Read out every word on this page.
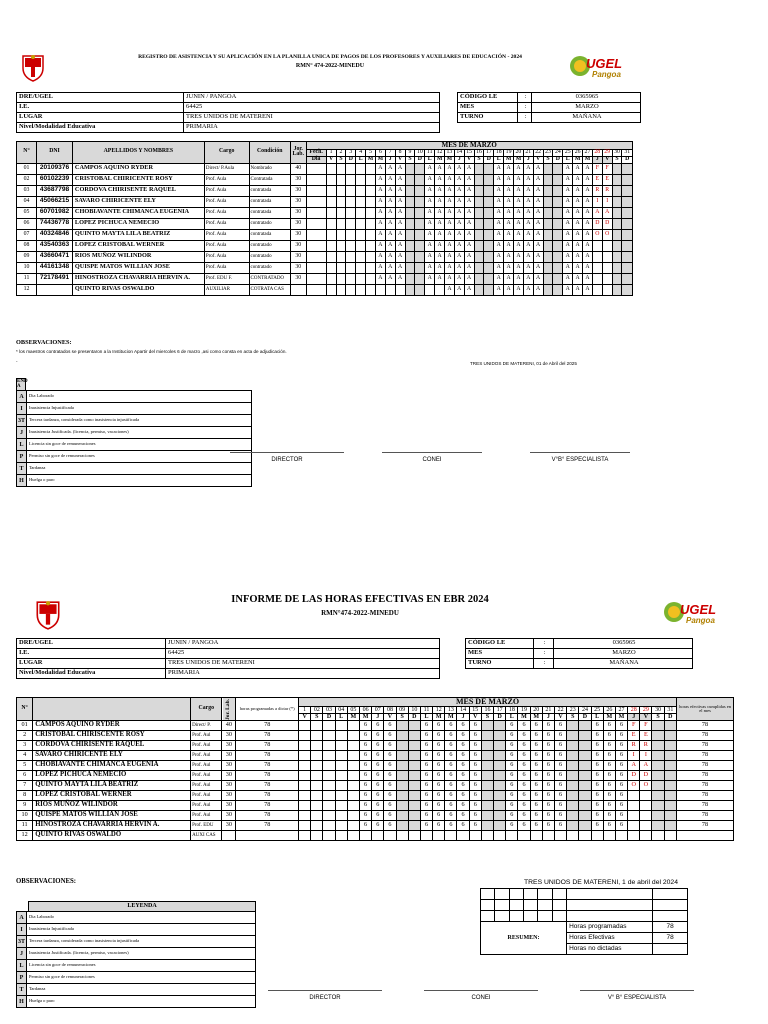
UGEL
Pangoa
REGISTRO DE ASISTENCIA Y SU APLICACIÓN EN LA PLANILLA UNICA DE PAGOS DE LOS PROFESORES Y AUXILIARES DE EDUCACIÓN - 2024
RMN° 474-2022-MINEDU
DRE/UGEL	JUNIN / PANGOA
I.E.	64425
LUGAR	TRES UNIDOS DE MATERENI
Nivel/Modalidad Educativa	PRIMARIA
CÓDIGO LE	:	0365965
MES	:	MARZO
TURNO	:	MAÑANA
N°	DNI	APELLIDOS Y NOMBRES	Cargo	Condición	Jor. Lab.	MES DE MARZO																															
						Fech.	1	2	3	4	5	6	7	8	9	10	11	12	13	14	15	16	17	18	19	20	21	22	23	24	25	26	27	28	29	30	31
						Dia	V	S	D	L	M	M	J	V	S	D	L	M	M	J	V	S	D	L	M	M	J	V	S	D	L	M	M	J	V	S	D
01	20109376	CAMPOS AQUINO RYDER	Direct/ P.Aula	Nombrado	40							A	A	A			A	A	A	A	A			A	A	A	A	A			A	A	A	F	F		
02	60102239	CRISTOBAL CHIRICENTE ROSY	Prof. Aula	Contratada	30							A	A	A			A	A	A	A	A			A	A	A	A	A			A	A	A	E	E		
03	43687798	CORDOVA CHIRISENTE RAQUEL	Prof. Aula	contratada	30							A	A	A			A	A	A	A	A			A	A	A	A	A			A	A	A	R	R		
04	45066215	SAVARO CHIRICENTE ELY	Prof. Aula	contratada	30							A	A	A			A	A	A	A	A			A	A	A	A	A			A	A	A	I	I		
05	60701982	CHOBIAVANTE CHIMANCA EUGENIA	Prof. Aula	contratada	30							A	A	A			A	A	A	A	A			A	A	A	A	A			A	A	A	A	A		
06	74436778	LOPEZ PICHUCA NEMECIO	Prof. Aula	contratado	30							A	A	A			A	A	A	A	A			A	A	A	A	A			A	A	A	D	D		
07	40324846	QUINTO MAYTA LILA BEATRIZ	Prof. Aula	contratada	30							A	A	A			A	A	A	A	A			A	A	A	A	A			A	A	A	O	O		
08	43540363	LOPEZ CRISTOBAL WERNER	Prof. Aula	contratado	30							A	A	A			A	A	A	A	A			A	A	A	A	A			A	A	A				
09	43660471	RIOS MUÑOZ WILINDOR	Prof. Aula	contratado	30							A	A	A			A	A	A	A	A			A	A	A	A	A			A	A	A				
10	44161348	QUISPE MATOS WILLIAN JOSE	Prof. Aula	contratado	30							A	A	A			A	A	A	A	A			A	A	A	A	A			A	A	A				
11	72178491	HINOSTROZA CHAVARRIA HERVIN A.	Prof. EDU F.	CONTRATADO	30							A	A	A			A	A	A	A	A			A	A	A	A	A			A	A	A				
12		QUINTO RIVAS OSWALDO	AUXILIAR	COTRATA CAS															A	A	A			A	A	A	A	A			A	A	A				
OBSERVACIONES:
* los maestros contratados se presentaron a la Institucion Apartir del miercoles 6 de marzo ,asi como consta en acta de adjudicación.
-	TRES UNIDOS DE MATERENI, 01 de Abril del 2025
END A
A	Dia Laborado
I	Inasistencia Injustificada
3T	Tercera tardanza, considerada como inasistencia injustificada
J	Inasistencia Justificada. (licencia, permiso, vacaciones)
L	Licencia sin goce de remuneraciones
P	Permiso sin goce de remuneraciones
T	Tardanza
H	Huelga o paro
DIRECTOR	CONEI	V°B° ESPECIALISTA
UGEL
Pangoa
INFORME DE LAS HORAS EFECTIVAS EN EBR 2024
RMN°474-2022-MINEDU
DRE/UGEL	JUNIN / PANGOA
I.E.	64425
LUGAR	TRES UNIDOS DE MATERENI
Nivel/Modalidad Educativa	PRIMARIA
CÓDIGO LE	:	0365965
MES	:	MARZO
TURNO	:	MAÑANA
N°		Cargo	Jor. Lab.	horas programadas a dictar (*)	MES DE MARZO																															horas efectivas cumplidas en el mes
					1	02	03	04	05	06	07	08	09	10	11	12	13	14	15	16	17	18	19	20	21	22	23	24	25	26	27	28	29	30	31	
					V	S	D	L	M	M	J	V	S	D	L	M	M	J	V	S	D	L	M	M	J	V	S	D	L	M	M	J	V	S	D	
01	CAMPOS AQUINO RYDER	Direct/ P.	40	78						6	6	6			6	6	6	6	6			6	6	6	6	6			6	6	6	F	F			78
2	CRISTOBAL CHIRISCENTE ROSY	Prof. Aul	30	78						6	6	6			6	6	6	6	6			6	6	6	6	6			6	6	6	E	E			78
3	CORDOVA CHIRISENTE RAQUEL	Prof. Aul	30	78						6	6	6			6	6	6	6	6			6	6	6	6	6			6	6	6	R	R			78
4	SAVARO CHIRICENTE ELY	Prof. Aul	30	78						6	6	6			6	6	6	6	6			6	6	6	6	6			6	6	6	I	I			78
5	CHOBIAVANTE CHIMANCA EUGENIA	Prof. Aul	30	78						6	6	6			6	6	6	6	6			6	6	6	6	6			6	6	6	A	A			78
6	LOPEZ PICHUCA NEMECIO	Prof. Aul	30	78						6	6	6			6	6	6	6	6			6	6	6	6	6			6	6	6	D	D			78
7	QUINTO MAYTA LILA BEATRIZ	Prof. Aul	30	78						6	6	6			6	6	6	6	6			6	6	6	6	6			6	6	6	O	O			78
8	LOPEZ CRISTOBAL WERNER	Prof. Aul	30	78						6	6	6			6	6	6	6	6			6	6	6	6	6			6	6	6					78
9	RIOS MUÑOZ WILINDOR	Prof. Aul	30	78						6	6	6			6	6	6	6	6			6	6	6	6	6			6	6	6					78
10	QUISPE MATOS WILLIAN JOSE	Prof. Aul	30	78						6	6	6			6	6	6	6	6			6	6	6	6	6			6	6	6					78
11	HINOSTROZA CHAVARRIA HERVIN A.	Prof. EDU	30	78						6	6	6			6	6	6	6	6			6	6	6	6	6			6	6	6					78
12	QUINTO RIVAS OSWALDO	AUXI CAS																																		
OBSERVACIONES:	TRES UNIDOS DE MATERENI, 1 de abril del 2024
LEYENDA
A	Dia Laborado
I	Inasistencia Injustificada
3T	Tercera tardanza, considerada como inasistencia injustificada
J	Inasistencia Justificada. (licencia, permiso, vacaciones)
L	Licencia sin goce de remuneraciones
P	Permiso sin goce de remuneraciones
T	Tardanza
H	Huelga o paro

RESUMEN:						Horas programadas	78
						Horas Efectivas	78
						Horas no dictadas	
DIRECTOR	CONEI	V° B° ESPECIALISTA
